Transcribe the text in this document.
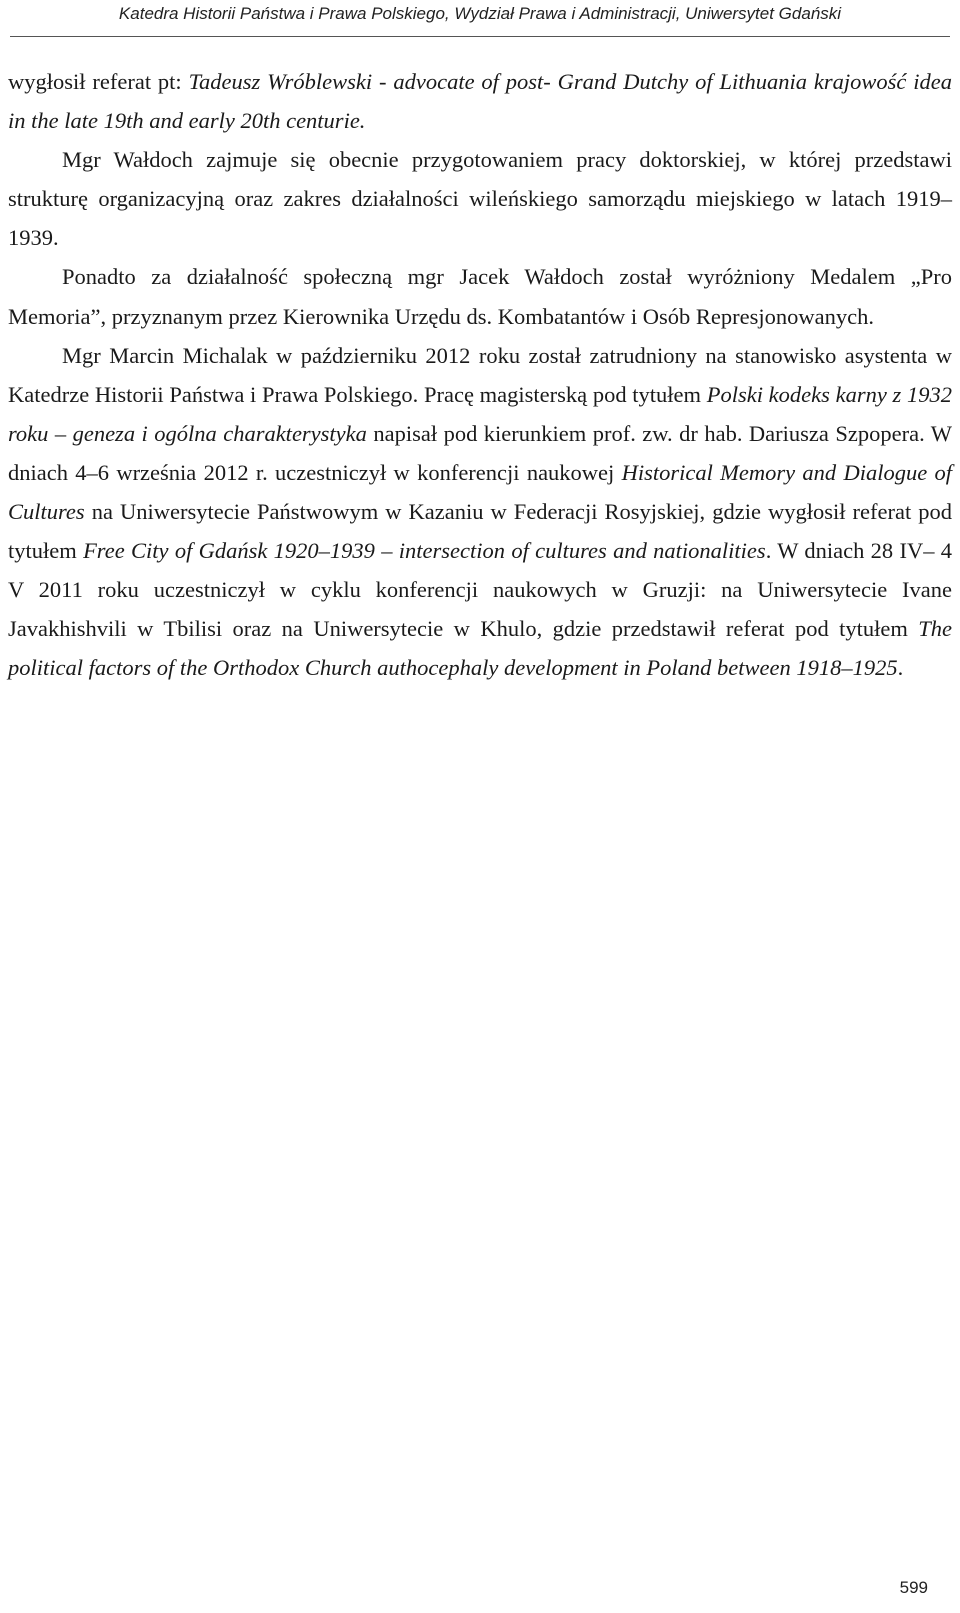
Katedra Historii Państwa i Prawa Polskiego, Wydział Prawa i Administracji, Uniwersytet Gdański

wygłosił referat pt: Tadeusz Wróblewski - advocate of post- Grand Dutchy of Lithuania krajowość idea in the late 19th and early 20th centurie.

Mgr Wałdoch zajmuje się obecnie przygotowaniem pracy doktorskiej, w której przedstawi strukturę organizacyjną oraz zakres działalności wileńskiego samorządu miejskiego w latach 1919–1939.

Ponadto za działalność społeczną mgr Jacek Wałdoch został wyróżniony Medalem „Pro Memoria”, przyznanym przez Kierownika Urzędu ds. Kombatantów i Osób Represjonowanych.

Mgr Marcin Michalak w październiku 2012 roku został zatrudniony na stanowisko asystenta w Katedrze Historii Państwa i Prawa Polskiego. Pracę magisterską pod tytułem Polski kodeks karny z 1932 roku – geneza i ogólna charakterystyka napisał pod kierunkiem prof. zw. dr hab. Dariusza Szpopera. W dniach 4–6 września 2012 r. uczestniczył w konferencji naukowej Historical Memory and Dialogue of Cultures na Uniwersytecie Państwowym w Kazaniu w Federacji Rosyjskiej, gdzie wygłosił referat pod tytułem Free City of Gdańsk 1920–1939 – intersection of cultures and nationalities. W dniach 28 IV– 4 V 2011 roku uczestniczył w cyklu konferencji naukowych w Gruzji: na Uniwersytecie Ivane Javakhishvili w Tbilisi oraz na Uniwersytecie w Khulo, gdzie przedstawił referat pod tytułem The political factors of the Orthodox Church authocephaly development in Poland between 1918–1925.

599
